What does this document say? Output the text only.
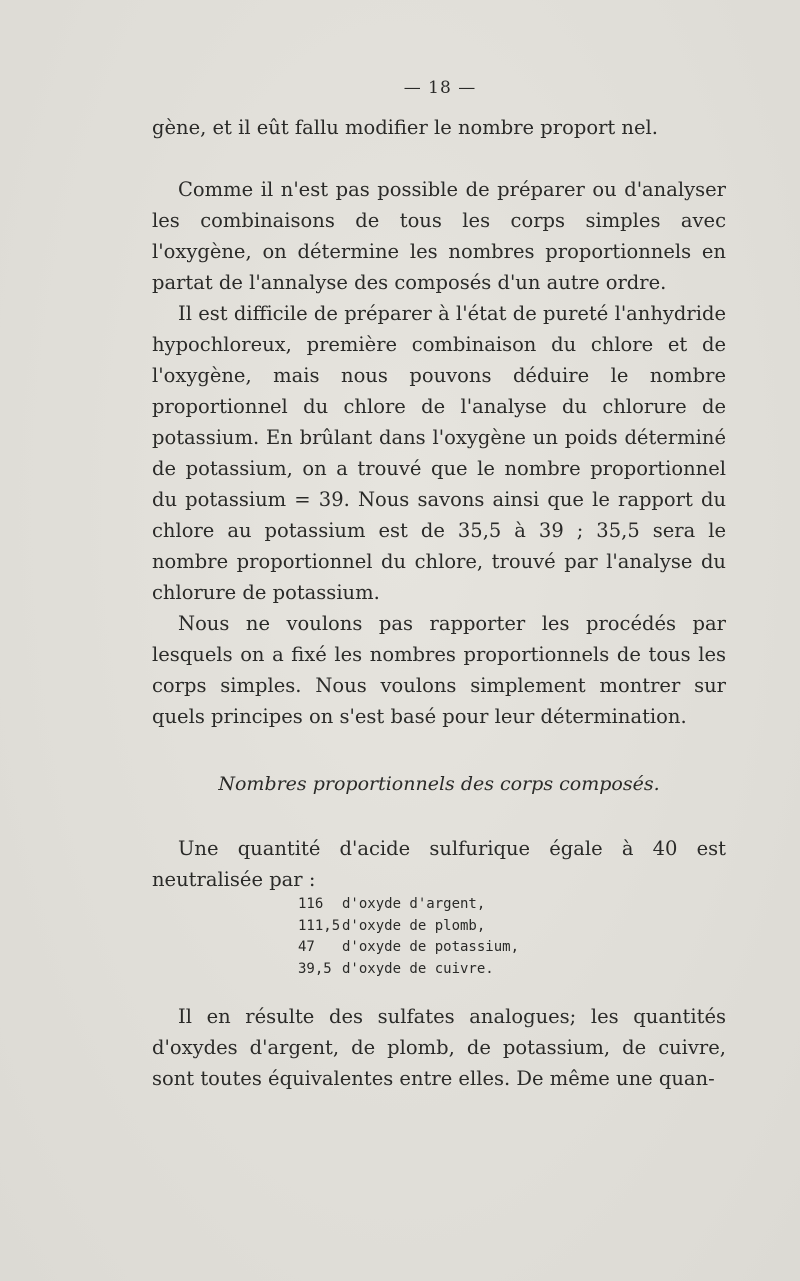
— 18 —

gène, et il eût fallu modifier le nombre proport nel.

Comme il n'est pas possible de préparer ou d'analyser les combinaisons de tous les corps simples avec l'oxygène, on détermine les nombres proportionnels en partat de l'annalyse des composés d'un autre ordre.

Il est difficile de préparer à l'état de pureté l'anhydride hypochloreux, première combinaison du chlore et de l'oxygène, mais nous pouvons déduire le nombre proportionnel du chlore de l'analyse du chlorure de potassium. En brûlant dans l'oxygène un poids déterminé de potassium, on a trouvé que le nombre proportionnel du potassium = 39. Nous savons ainsi que le rapport du chlore au potassium est de 35,5 à 39 ; 35,5 sera le nombre proportionnel du chlore, trouvé par l'analyse du chlorure de potassium.

Nous ne voulons pas rapporter les procédés par lesquels on a fixé les nombres proportionnels de tous les corps simples. Nous voulons simplement montrer sur quels principes on s'est basé pour leur détermination.

Nombres proportionnels des corps composés.

Une quantité d'acide sulfurique égale à 40 est neutralisée par :

116	d'oxyde d'argent,
111,5 d'oxyde de plomb,
47	d'oxyde de potassium,
39,5 d'oxyde de cuivre.

Il en résulte des sulfates analogues; les quantités d'oxydes d'argent, de plomb, de potassium, de cuivre, sont toutes équivalentes entre elles. De même une quan-
